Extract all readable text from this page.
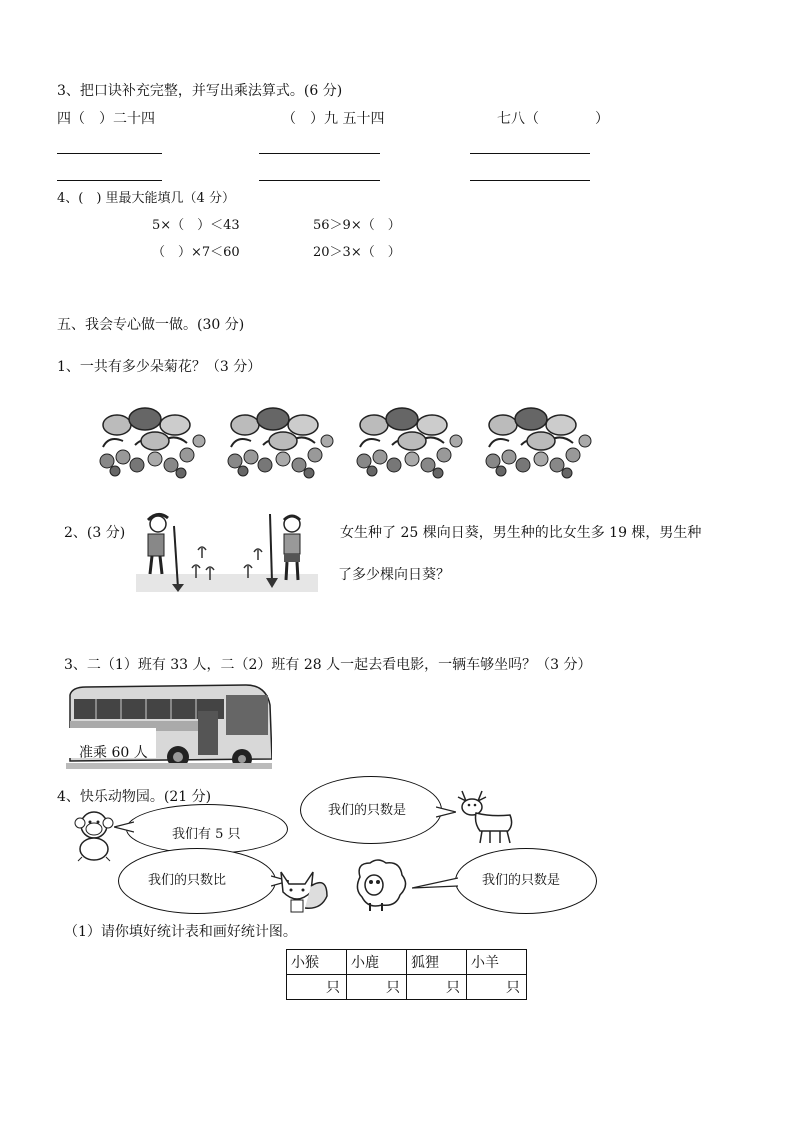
3、把口诀补充完整，并写出乘法算式。(6 分)
四（　）二十四	（　）九 五十四	七八（　　　　）
4、(　) 里最大能填几（4 分）
5×（　）＜43	56＞9×（　）
（　）×7＜60	20＞3×（　）
五、我会专心做一做。(30 分)
1、一共有多少朵菊花？（3 分）
2、(3 分)	女生种了 25 棵向日葵，男生种的比女生多 19 棵，男生种
了多少棵向日葵？
3、二（1）班有 33 人，二（2）班有 28 人一起去看电影，一辆车够坐吗？（3 分）
准乘 60 人
4、快乐动物园。(21 分)
我们有 5 只
我们的只数是
我们的只数比	我们的只数是
（1）请你填好统计表和画好统计图。
小猴	小鹿	狐狸	小羊
只	只	只	只
